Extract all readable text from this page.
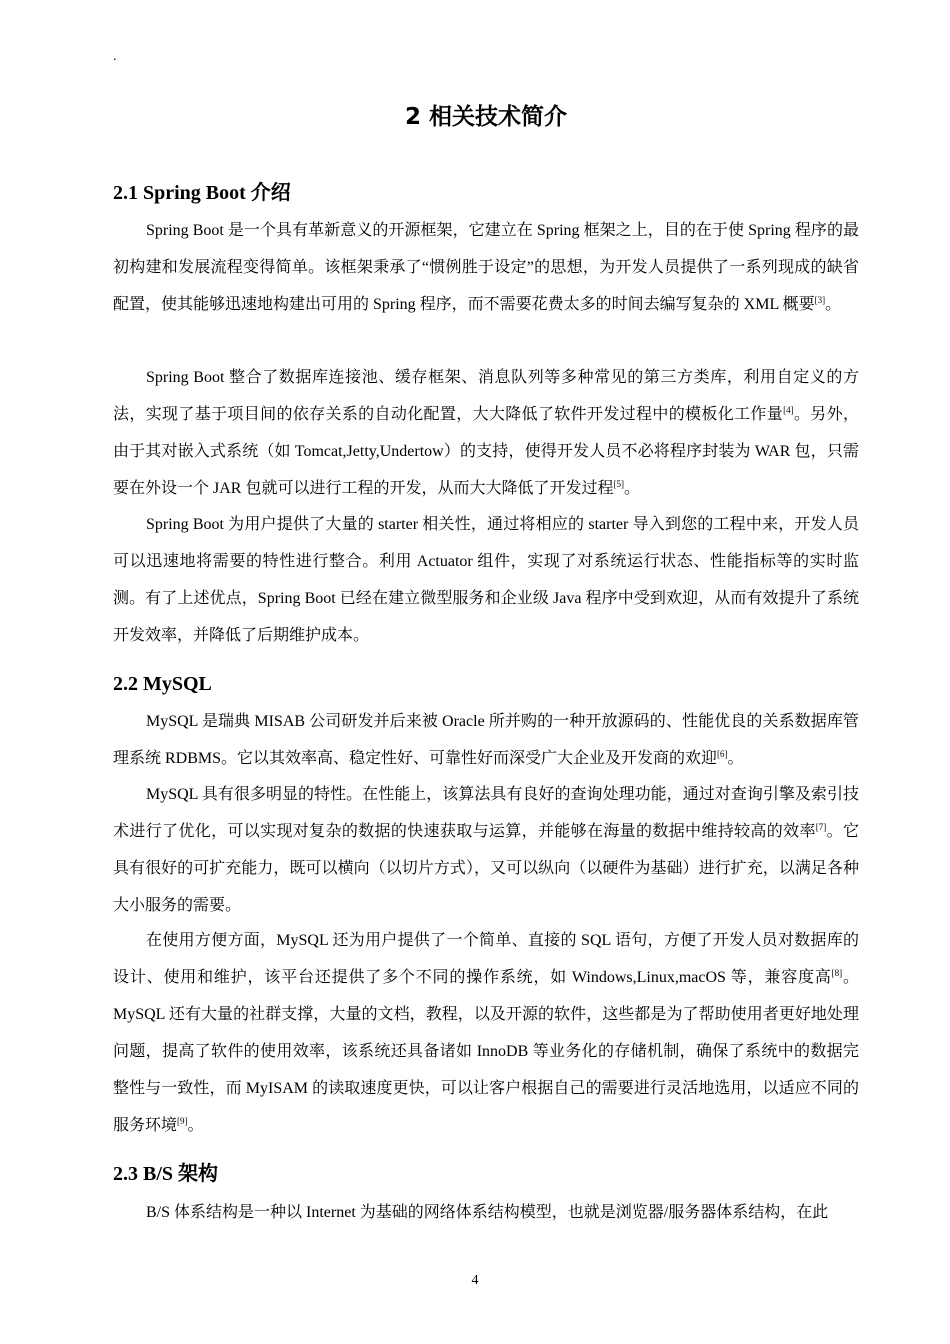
.
2 相关技术简介
2.1 Spring Boot 介绍

Spring Boot 是一个具有革新意义的开源框架，它建立在 Spring 框架之上，目的在于使 Spring 程序的最初构建和发展流程变得简单。该框架秉承了“惯例胜于设定”的思想，为开发人员提供了一系列现成的缺省配置，使其能够迅速地构建出可用的 Spring 程序，而不需要花费太多的时间去编写复杂的 XML 概要[3]。

Spring Boot 整合了数据库连接池、缓存框架、消息队列等多种常见的第三方类库，利用自定义的方法，实现了基于项目间的依存关系的自动化配置，大大降低了软件开发过程中的模板化工作量[4]。另外，由于其对嵌入式系统（如 Tomcat,Jetty,Undertow）的支持，使得开发人员不必将程序封装为 WAR 包，只需要在外设一个 JAR 包就可以进行工程的开发，从而大大降低了开发过程[5]。

Spring Boot 为用户提供了大量的 starter 相关性，通过将相应的 starter 导入到您的工程中来，开发人员可以迅速地将需要的特性进行整合。利用 Actuator 组件，实现了对系统运行状态、性能指标等的实时监测。有了上述优点，Spring Boot 已经在建立微型服务和企业级 Java 程序中受到欢迎，从而有效提升了系统开发效率，并降低了后期维护成本。

2.2 MySQL

MySQL 是瑞典 MISAB 公司研发并后来被 Oracle 所并购的一种开放源码的、性能优良的关系数据库管理系统 RDBMS。它以其效率高、稳定性好、可靠性好而深受广大企业及开发商的欢迎[6]。

MySQL 具有很多明显的特性。在性能上，该算法具有良好的查询处理功能，通过对查询引擎及索引技术进行了优化，可以实现对复杂的数据的快速获取与运算，并能够在海量的数据中维持较高的效率[7]。它具有很好的可扩充能力，既可以横向（以切片方式），又可以纵向（以硬件为基础）进行扩充，以满足各种大小服务的需要。

在使用方便方面，MySQL 还为用户提供了一个简单、直接的 SQL 语句，方便了开发人员对数据库的设计、使用和维护，该平台还提供了多个不同的操作系统，如 Windows,Linux,macOS 等，兼容度高[8]。MySQL 还有大量的社群支撑，大量的文档，教程，以及开源的软件，这些都是为了帮助使用者更好地处理问题，提高了软件的使用效率，该系统还具备诸如 InnoDB 等业务化的存储机制，确保了系统中的数据完整性与一致性，而 MyISAM 的读取速度更快，可以让客户根据自己的需要进行灵活地选用，以适应不同的服务环境[9]。

2.3 B/S 架构

B/S 体系结构是一种以 Internet 为基础的网络体系结构模型，也就是浏览器/服务器体系结构，在此

4
